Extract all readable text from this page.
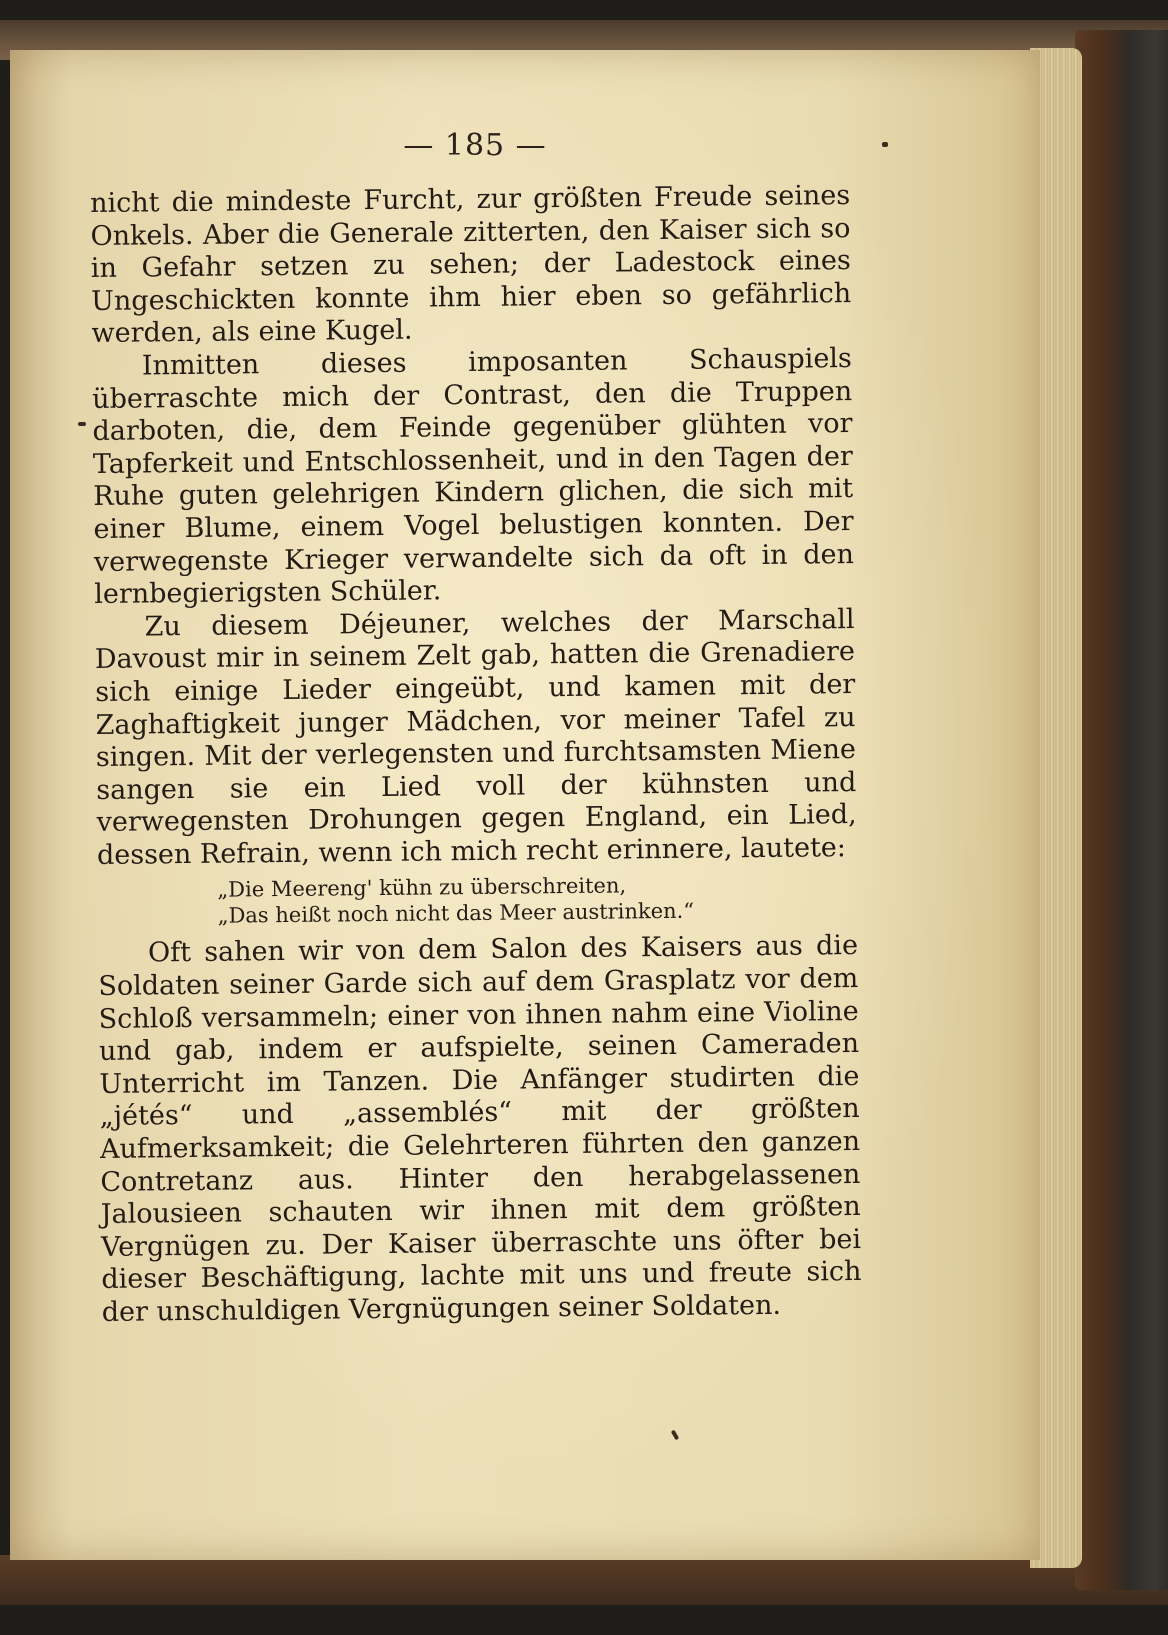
— 185 —

nicht die mindeste Furcht, zur größten Freude seines Onkels. Aber die Generale zitterten, den Kaiser sich so in Gefahr setzen zu sehen; der Ladestock eines Ungeschickten konnte ihm hier eben so gefährlich werden, als eine Kugel.

Inmitten dieses imposanten Schauspiels überraschte mich der Contrast, den die Truppen darboten, die, dem Feinde gegenüber glühten vor Tapferkeit und Entschlossenheit, und in den Tagen der Ruhe guten gelehrigen Kindern glichen, die sich mit einer Blume, einem Vogel belustigen konnten. Der verwegenste Krieger verwandelte sich da oft in den lernbegierigsten Schüler.

Zu diesem Déjeuner, welches der Marschall Davoust mir in seinem Zelt gab, hatten die Grenadiere sich einige Lieder eingeübt, und kamen mit der Zaghaftigkeit junger Mädchen, vor meiner Tafel zu singen. Mit der verlegensten und furchtsamsten Miene sangen sie ein Lied voll der kühnsten und verwegensten Drohungen gegen England, ein Lied, dessen Refrain, wenn ich mich recht erinnere, lautete:

„Die Meereng' kühn zu überschreiten,
„Das heißt noch nicht das Meer austrinken.“

Oft sahen wir von dem Salon des Kaisers aus die Soldaten seiner Garde sich auf dem Grasplatz vor dem Schloß versammeln; einer von ihnen nahm eine Violine und gab, indem er aufspielte, seinen Cameraden Unterricht im Tanzen. Die Anfänger studirten die „jétés“ und „assemblés“ mit der größten Aufmerksamkeit; die Gelehrteren führten den ganzen Contretanz aus. Hinter den herabgelassenen Jalousieen schauten wir ihnen mit dem größten Vergnügen zu. Der Kaiser überraschte uns öfter bei dieser Beschäftigung, lachte mit uns und freute sich der unschuldigen Vergnügungen seiner Soldaten.
